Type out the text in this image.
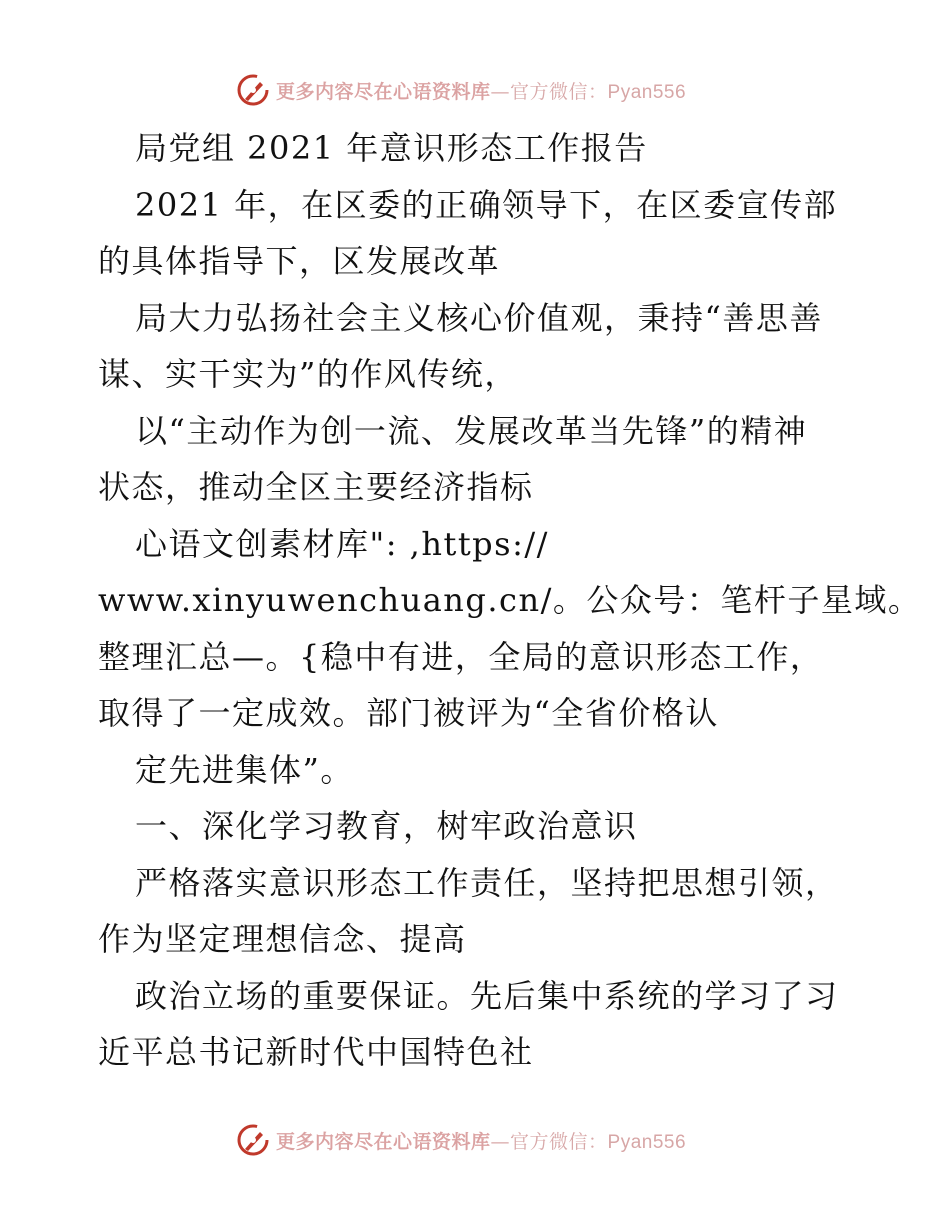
更多内容尽在心语资料库—官方微信：Pyan556
局党组 2021 年意识形态工作报告
2021 年，在区委的正确领导下，在区委宣传部
的具体指导下，区发展改革
局大力弘扬社会主义核心价值观，秉持“善思善
谋、实干实为”的作风传统，
以“主动作为创一流、发展改革当先锋”的精神
状态，推动全区主要经济指标
心语文创素材库": ,https://
www.xinyuwenchuang.cn/。公众号：笔杆子星域。
整理汇总—。{稳中有进，全局的意识形态工作，
取得了一定成效。部门被评为“全省价格认
定先进集体”。
一、深化学习教育，树牢政治意识
严格落实意识形态工作责任，坚持把思想引领，
作为坚定理想信念、提高
政治立场的重要保证。先后集中系统的学习了习
近平总书记新时代中国特色社
更多内容尽在心语资料库—官方微信：Pyan556
